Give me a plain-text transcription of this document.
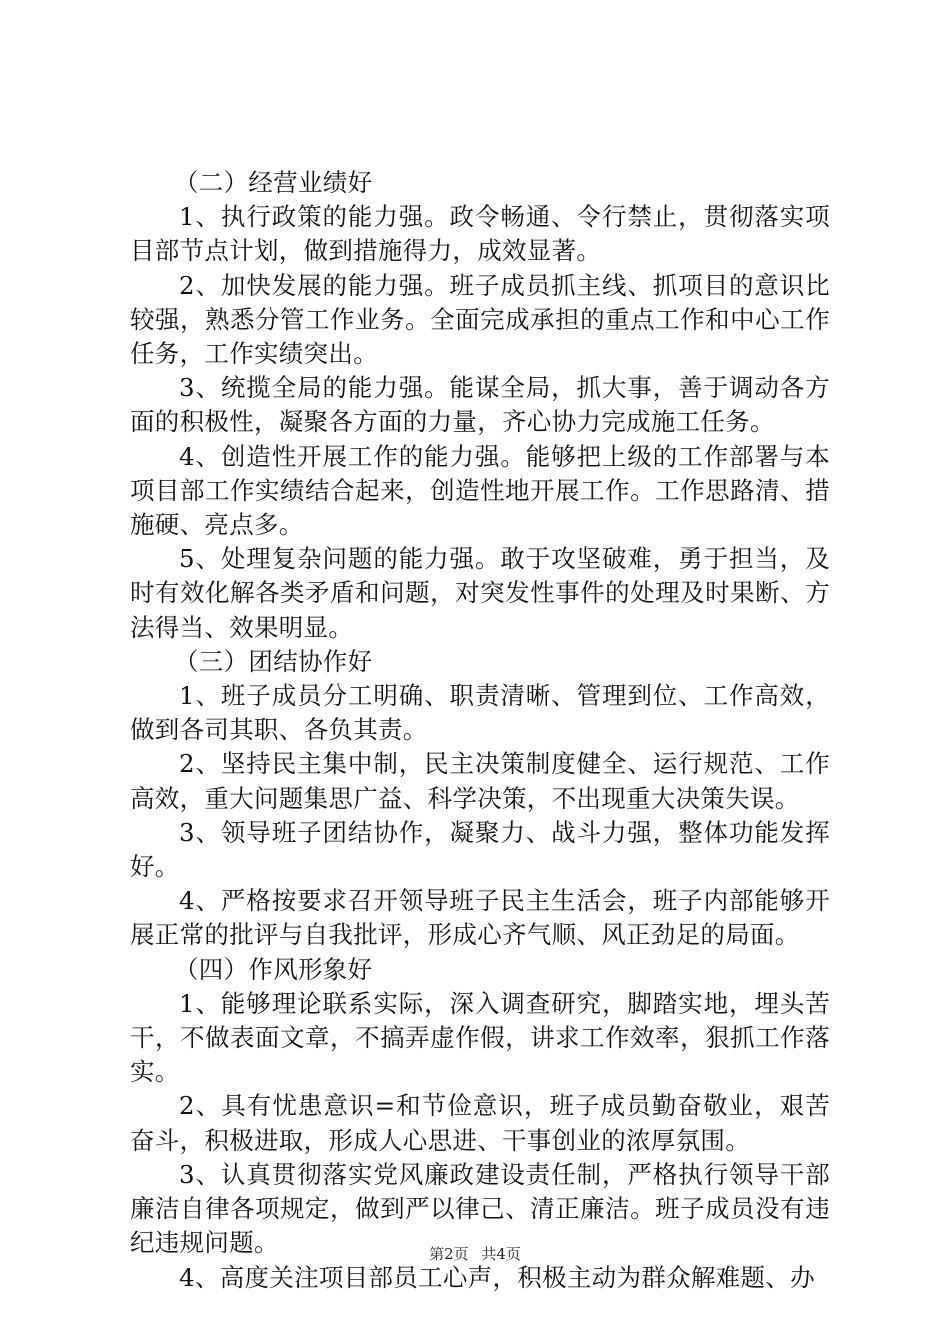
（二）经营业绩好

1、执行政策的能力强。政令畅通、令行禁止，贯彻落实项目部节点计划，做到措施得力，成效显著。

2、加快发展的能力强。班子成员抓主线、抓项目的意识比较强，熟悉分管工作业务。全面完成承担的重点工作和中心工作任务，工作实绩突出。

3、统揽全局的能力强。能谋全局，抓大事，善于调动各方面的积极性，凝聚各方面的力量，齐心协力完成施工任务。

4、创造性开展工作的能力强。能够把上级的工作部署与本项目部工作实绩结合起来，创造性地开展工作。工作思路清、措施硬、亮点多。

5、处理复杂问题的能力强。敢于攻坚破难，勇于担当，及时有效化解各类矛盾和问题，对突发性事件的处理及时果断、方法得当、效果明显。

（三）团结协作好

1、班子成员分工明确、职责清晰、管理到位、工作高效，做到各司其职、各负其责。

2、坚持民主集中制，民主决策制度健全、运行规范、工作高效，重大问题集思广益、科学决策，不出现重大决策失误。

3、领导班子团结协作，凝聚力、战斗力强，整体功能发挥好。

4、严格按要求召开领导班子民主生活会，班子内部能够开展正常的批评与自我批评，形成心齐气顺、风正劲足的局面。

（四）作风形象好

1、能够理论联系实际，深入调查研究，脚踏实地，埋头苦干，不做表面文章，不搞弄虚作假，讲求工作效率，狠抓工作落实。

2、具有忧患意识=和节俭意识，班子成员勤奋敬业，艰苦奋斗，积极进取，形成人心思进、干事创业的浓厚氛围。

3、认真贯彻落实党风廉政建设责任制，严格执行领导干部廉洁自律各项规定，做到严以律己、清正廉洁。班子成员没有违纪违规问题。

4、高度关注项目部员工心声，积极主动为群众解难题、办

第2页 共4页
